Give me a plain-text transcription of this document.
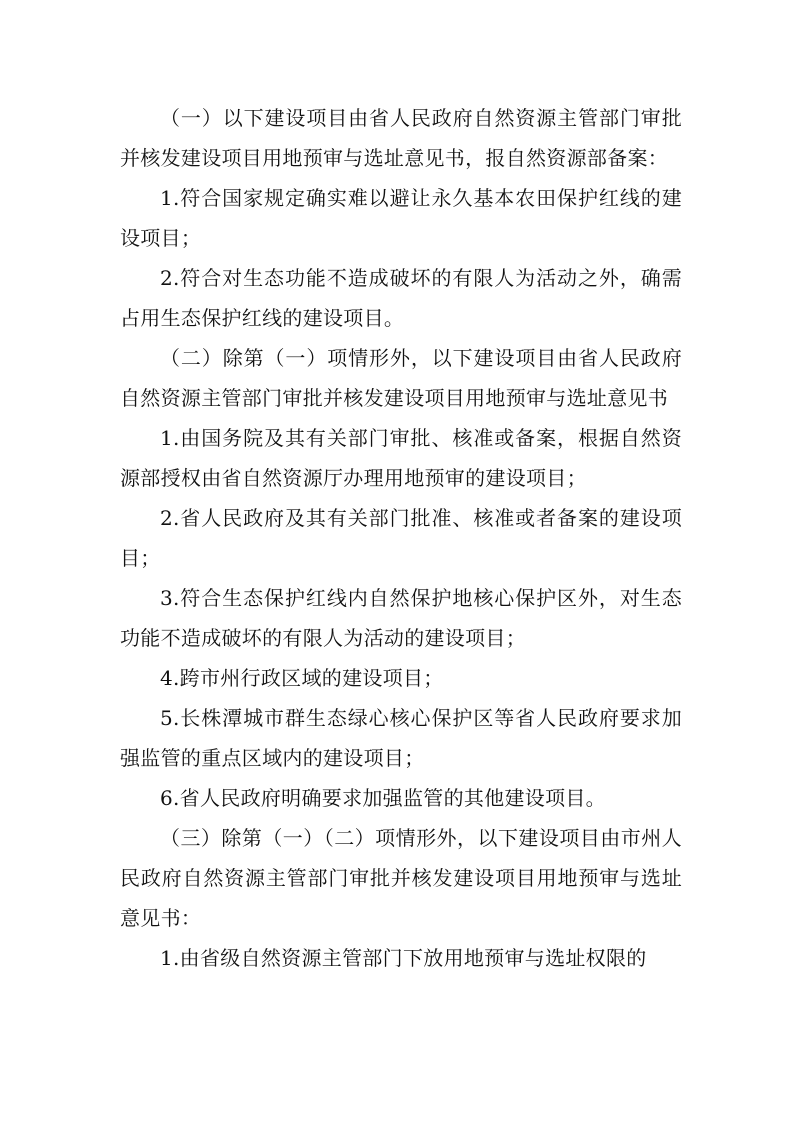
（一）以下建设项目由省人民政府自然资源主管部门审批并核发建设项目用地预审与选址意见书，报自然资源部备案：

1.符合国家规定确实难以避让永久基本农田保护红线的建设项目；

2.符合对生态功能不造成破坏的有限人为活动之外，确需占用生态保护红线的建设项目。

（二）除第（一）项情形外，以下建设项目由省人民政府自然资源主管部门审批并核发建设项目用地预审与选址意见书

1.由国务院及其有关部门审批、核准或备案，根据自然资源部授权由省自然资源厅办理用地预审的建设项目；

2.省人民政府及其有关部门批准、核准或者备案的建设项目；

3.符合生态保护红线内自然保护地核心保护区外，对生态功能不造成破坏的有限人为活动的建设项目；

4.跨市州行政区域的建设项目；

5.长株潭城市群生态绿心核心保护区等省人民政府要求加强监管的重点区域内的建设项目；

6.省人民政府明确要求加强监管的其他建设项目。

（三）除第（一）（二）项情形外，以下建设项目由市州人民政府自然资源主管部门审批并核发建设项目用地预审与选址意见书：

1.由省级自然资源主管部门下放用地预审与选址权限的
